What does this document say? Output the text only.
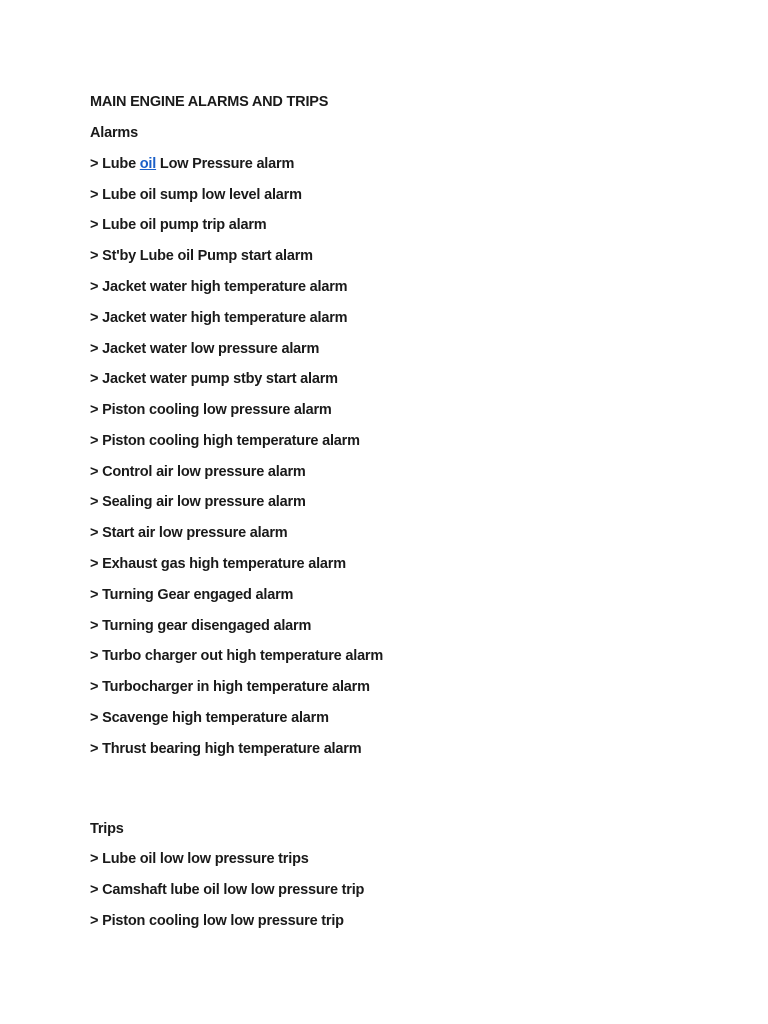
MAIN ENGINE ALARMS AND TRIPS
Alarms
> Lube oil Low Pressure alarm
> Lube oil sump low level alarm
> Lube oil pump trip alarm
> St'by Lube oil Pump start alarm
> Jacket water high temperature alarm
> Jacket water high temperature alarm
> Jacket water low pressure alarm
> Jacket water pump stby start alarm
> Piston cooling low pressure alarm
> Piston cooling high temperature alarm
> Control air low pressure alarm
> Sealing air low pressure alarm
> Start air low pressure alarm
> Exhaust gas high temperature alarm
> Turning Gear engaged alarm
> Turning gear disengaged alarm
> Turbo charger out high temperature alarm
> Turbocharger in high temperature alarm
> Scavenge high temperature alarm
> Thrust bearing high temperature alarm
Trips
> Lube oil low low pressure trips
> Camshaft lube oil low low pressure trip
> Piston cooling low low pressure trip
